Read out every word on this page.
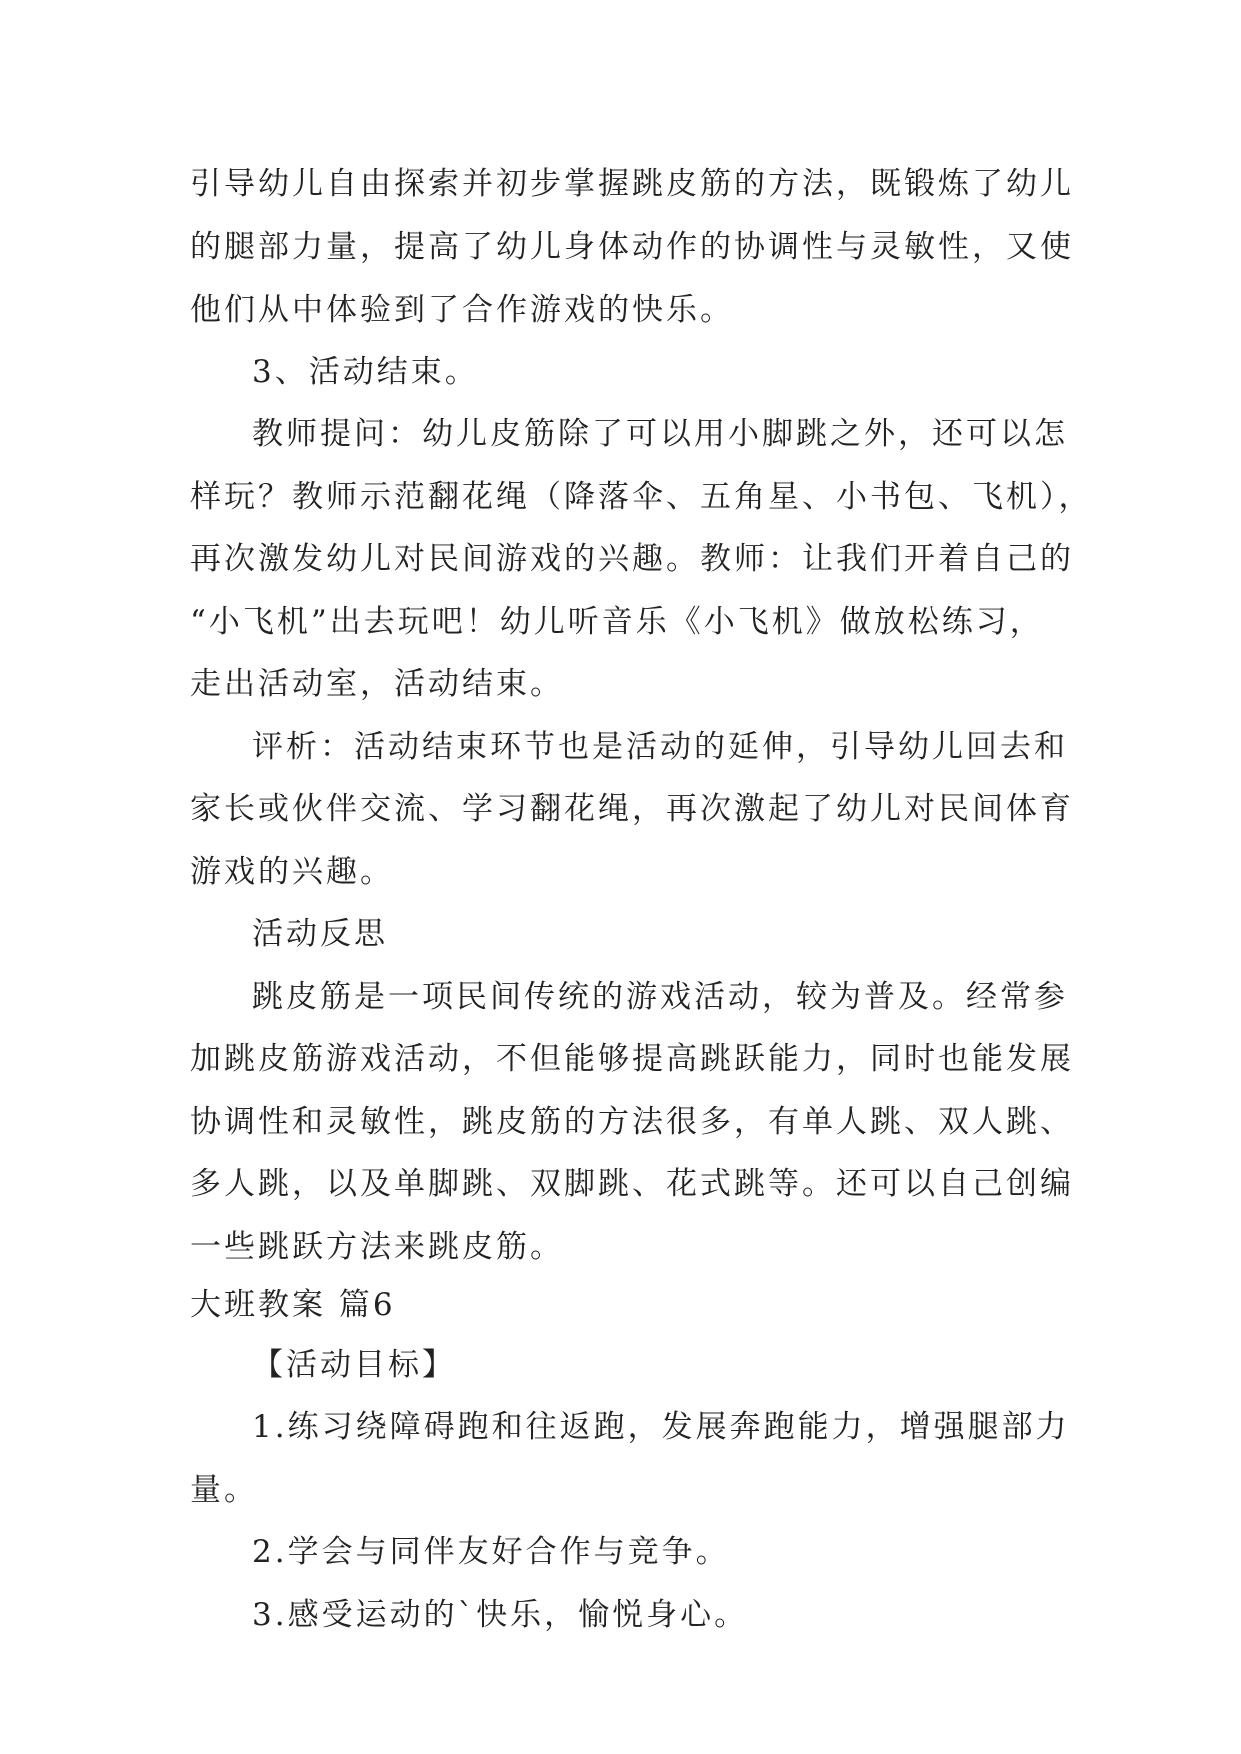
引导幼儿自由探索并初步掌握跳皮筋的方法，既锻炼了幼儿
的腿部力量，提高了幼儿身体动作的协调性与灵敏性，又使
他们从中体验到了合作游戏的快乐。
3、活动结束。
教师提问：幼儿皮筋除了可以用小脚跳之外，还可以怎
样玩？教师示范翻花绳（降落伞、五角星、小书包、飞机），
再次激发幼儿对民间游戏的兴趣。教师：让我们开着自己的
“小飞机”出去玩吧！幼儿听音乐《小飞机》做放松练习，
走出活动室，活动结束。
评析：活动结束环节也是活动的延伸，引导幼儿回去和
家长或伙伴交流、学习翻花绳，再次激起了幼儿对民间体育
游戏的兴趣。
活动反思
跳皮筋是一项民间传统的游戏活动，较为普及。经常参
加跳皮筋游戏活动，不但能够提高跳跃能力，同时也能发展
协调性和灵敏性，跳皮筋的方法很多，有单人跳、双人跳、
多人跳，以及单脚跳、双脚跳、花式跳等。还可以自己创编
一些跳跃方法来跳皮筋。
大班教案 篇6
【活动目标】
1.练习绕障碍跑和往返跑，发展奔跑能力，增强腿部力
量。
2.学会与同伴友好合作与竞争。
3.感受运动的`快乐，愉悦身心。
